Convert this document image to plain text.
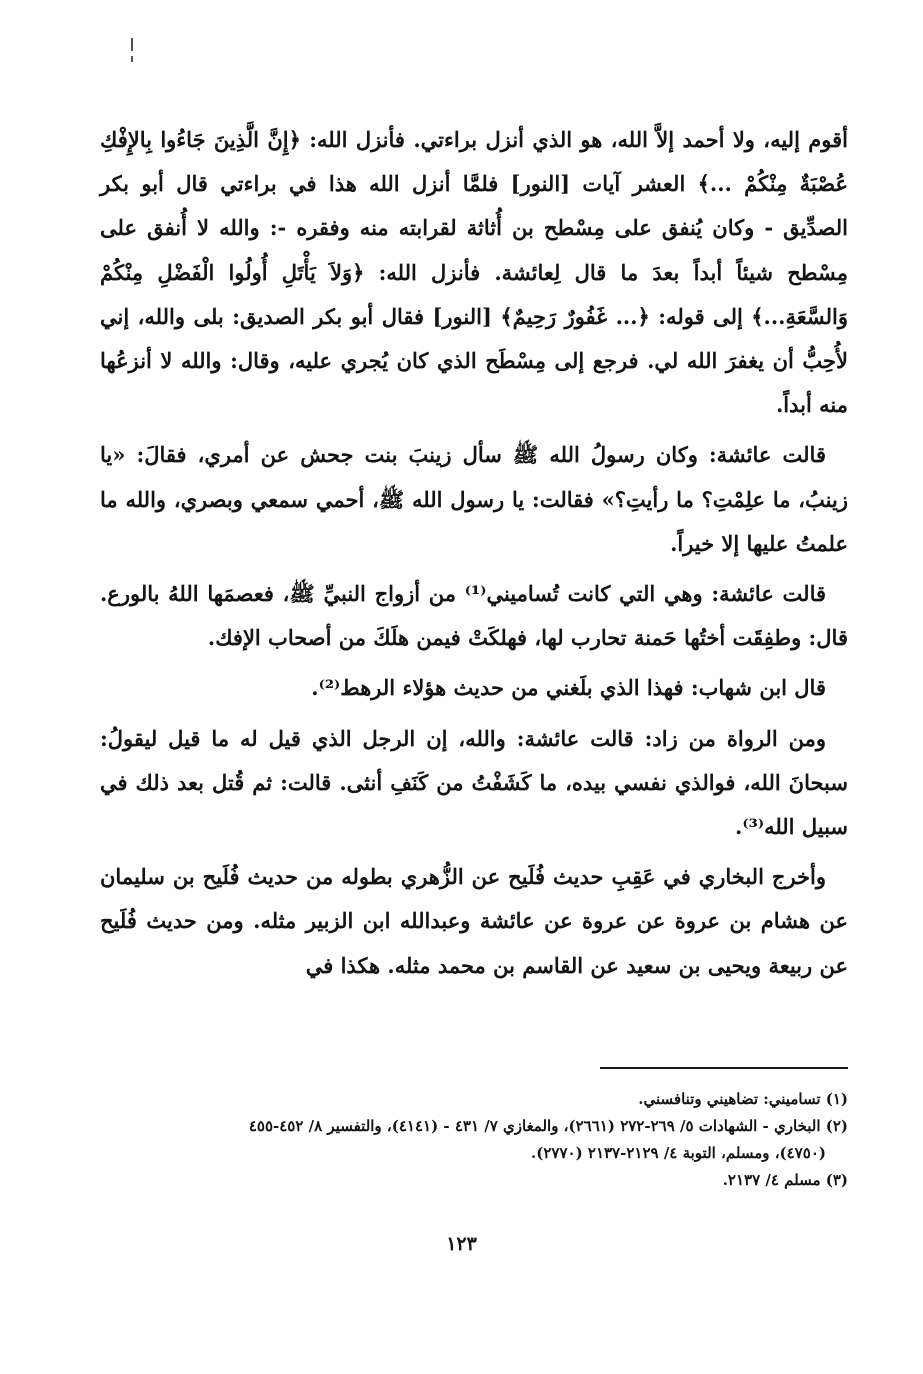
أقوم إليه، ولا أحمد إلاَّ الله، هو الذي أنزل براءتي. فأنزل الله: ﴿إِنَّ الَّذِينَ جَاءُوا بِالإِفْكِ عُصْبَةٌ مِنْكُمْ ...﴾ العشر آيات [النور] فلمَّا أنزل الله هذا في براءتي قال أبو بكر الصدِّيق - وكان يُنفق على مِسْطح بن أُثاثة لقرابته منه وفقره -: والله لا أُنفق على مِسْطح شيئاً أبداً بعدَ ما قال لِعائشة. فأنزل الله: ﴿وَلاَ يَأْتَلِ أُولُوا الْفَضْلِ مِنْكُمْ وَالسَّعَةِ...﴾ إلى قوله: ﴿... غَفُورٌ رَحِيمٌ﴾ [النور] فقال أبو بكر الصديق: بلى والله، إني لأُحِبُّ أن يغفرَ الله لي. فرجع إلى مِسْطَح الذي كان يُجري عليه، وقال: والله لا أنزعُها منه أبداً.

قالت عائشة: وكان رسولُ الله ﷺ سأل زينبَ بنت جحش عن أمري، فقالَ: «يا زينبُ، ما علِمْتِ؟ ما رأيتِ؟» فقالت: يا رسول الله ﷺ، أحمي سمعي وبصري، والله ما علمتُ عليها إلا خيراً.

قالت عائشة: وهي التي كانت تُساميني⁽¹⁾ من أزواج النبيِّ ﷺ، فعصمَها اللهُ بالورع. قال: وطفِقَت أختُها حَمنة تحارب لها، فهلكَتْ فيمن هلَكَ من أصحاب الإفك.

قال ابن شهاب: فهذا الذي بلَغني من حديث هؤلاء الرهط⁽²⁾.

ومن الرواة من زاد: قالت عائشة: والله، إن الرجل الذي قيل له ما قيل ليقولُ: سبحانَ الله، فوالذي نفسي بيده، ما كَشَفْتُ من كَنَفِ أنثى. قالت: ثم قُتل بعد ذلك في سبيل الله⁽³⁾.

وأخرج البخاري في عَقِبِ حديث فُلَيح عن الزُّهري بطوله من حديث فُلَيح بن سليمان عن هشام بن عروة عن عروة عن عائشة وعبدالله ابن الزبير مثله. ومن حديث فُلَيح عن ربيعة ويحيى بن سعيد عن القاسم بن محمد مثله. هكذا في

(١) تساميني: تضاهيني وتنافسني.

(٢) البخاري - الشهادات ٥/ ٢٦٩-٢٧٢ (٢٦٦١)، والمغازي ٧/ ٤٣١ - (٤١٤١)، والتفسير ٨/ ٤٥٢-٤٥٥

(٤٧٥٠)، ومسلم، التوبة ٤/ ٢١٢٩-٢١٣٧ (٢٧٧٠).

(٣) مسلم ٤/ ٢١٣٧.

١٢٣
